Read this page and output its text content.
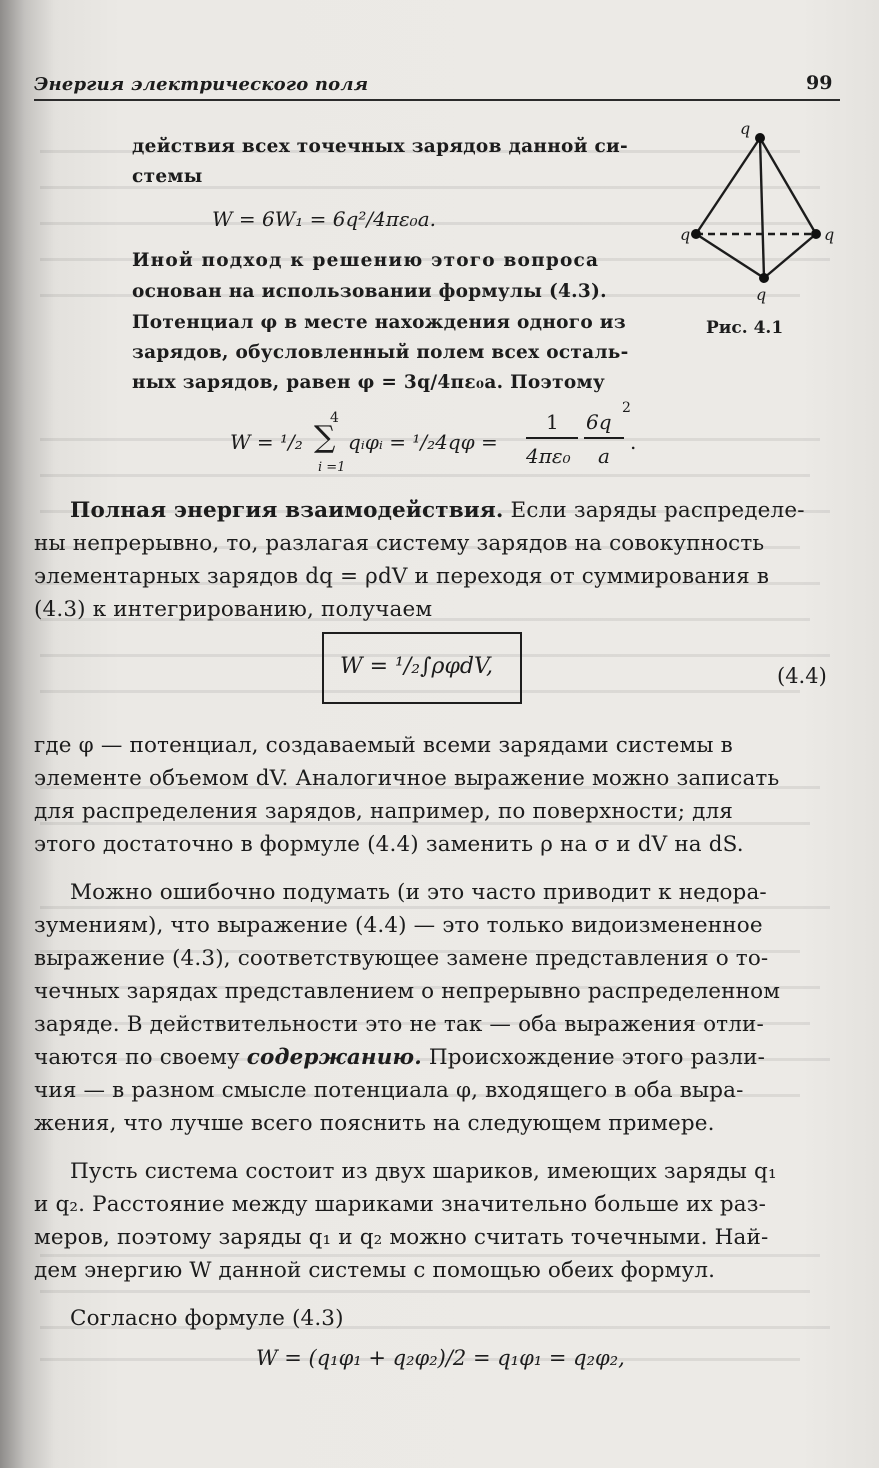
Энергия электрического поля	99

действия всех точечных зарядов данной си-

стемы

W = 6W₁ = 6q²/4πε₀a.

Иной подход к решению этого вопроса

основан на использовании формулы (4.3).

Потенциал φ в месте нахождения одного из

зарядов, обусловленный полем всех осталь-

ных зарядов, равен φ = 3q/4πε₀a. Поэтому

q
q	q
q
Рис. 4.1
W = ¹/₂
4
∑
i =1
qᵢφᵢ = ¹/₂4qφ =
1
4πε₀
6q
2
a
.

Полная энергия взаимодействия. Если заряды распределе-

ны непрерывно, то, разлагая систему зарядов на совокупность

элементарных зарядов dq = ρdV и переходя от суммирования в

(4.3) к интегрированию, получаем

W = ¹/₂∫ρφdV,	(4.4)

где φ — потенциал, создаваемый всеми зарядами системы в

элементе объемом dV. Аналогичное выражение можно записать

для распределения зарядов, например, по поверхности; для

этого достаточно в формуле (4.4) заменить ρ на σ и dV на dS.

Можно ошибочно подумать (и это часто приводит к недора-

зумениям), что выражение (4.4) — это только видоизмененное

выражение (4.3), соответствующее замене представления о то-

чечных зарядах представлением о непрерывно распределенном

заряде. В действительности это не так — оба выражения отли-

чаются по своему содержанию. Происхождение этого разли-

чия — в разном смысле потенциала φ, входящего в оба выра-

жения, что лучше всего пояснить на следующем примере.

Пусть система состоит из двух шариков, имеющих заряды q₁

и q₂. Расстояние между шариками значительно больше их раз-

меров, поэтому заряды q₁ и q₂ можно считать точечными. Най-

дем энергию W данной системы с помощью обеих формул.

Согласно формуле (4.3)

W = (q₁φ₁ + q₂φ₂)/2 = q₁φ₁ = q₂φ₂,
